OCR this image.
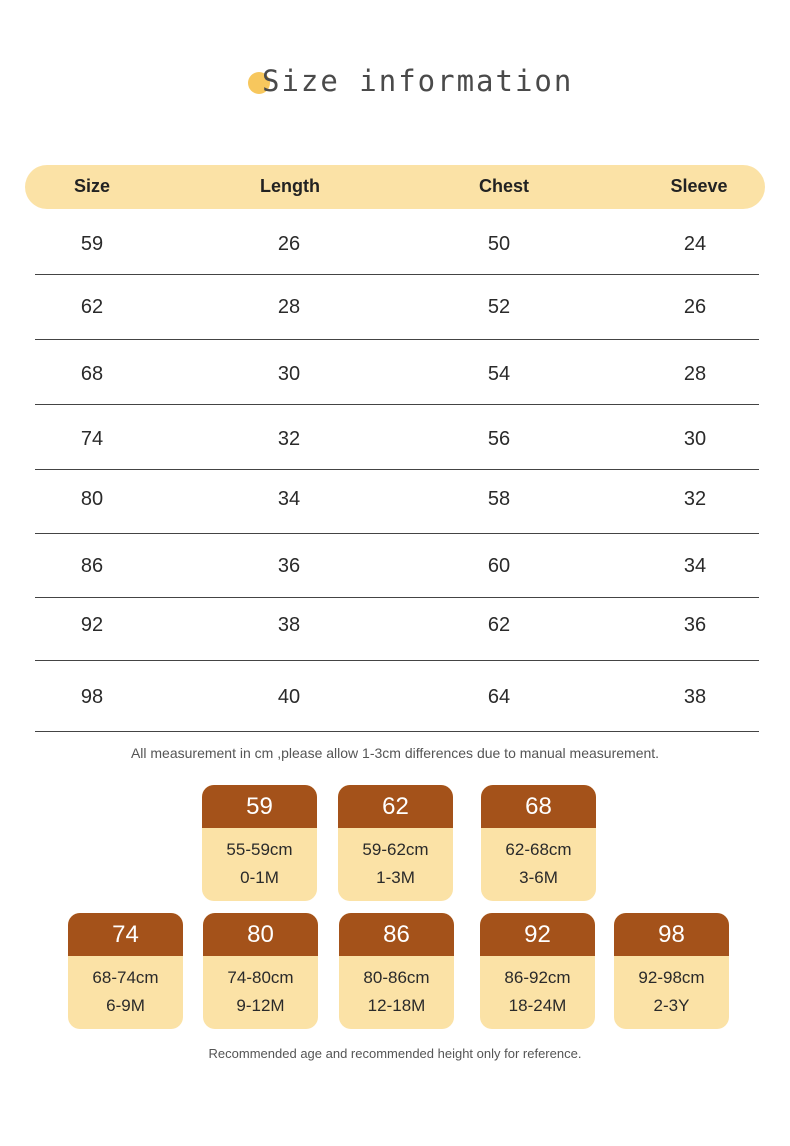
Size information
Size	Length	Chest	Sleeve
59	26	50	24
62	28	52	26
68	30	54	28
74	32	56	30
80	34	58	32
86	36	60	34
92	38	62	36
98	40	64	38
All measurement in cm ,please allow 1-3cm differences due to manual measurement.
59
55-59cm
0-1M
62
59-62cm
1-3M
68
62-68cm
3-6M
74
68-74cm
6-9M
80
74-80cm
9-12M
86
80-86cm
12-18M
92
86-92cm
18-24M
98
92-98cm
2-3Y
Recommended age and recommended height only for reference.
